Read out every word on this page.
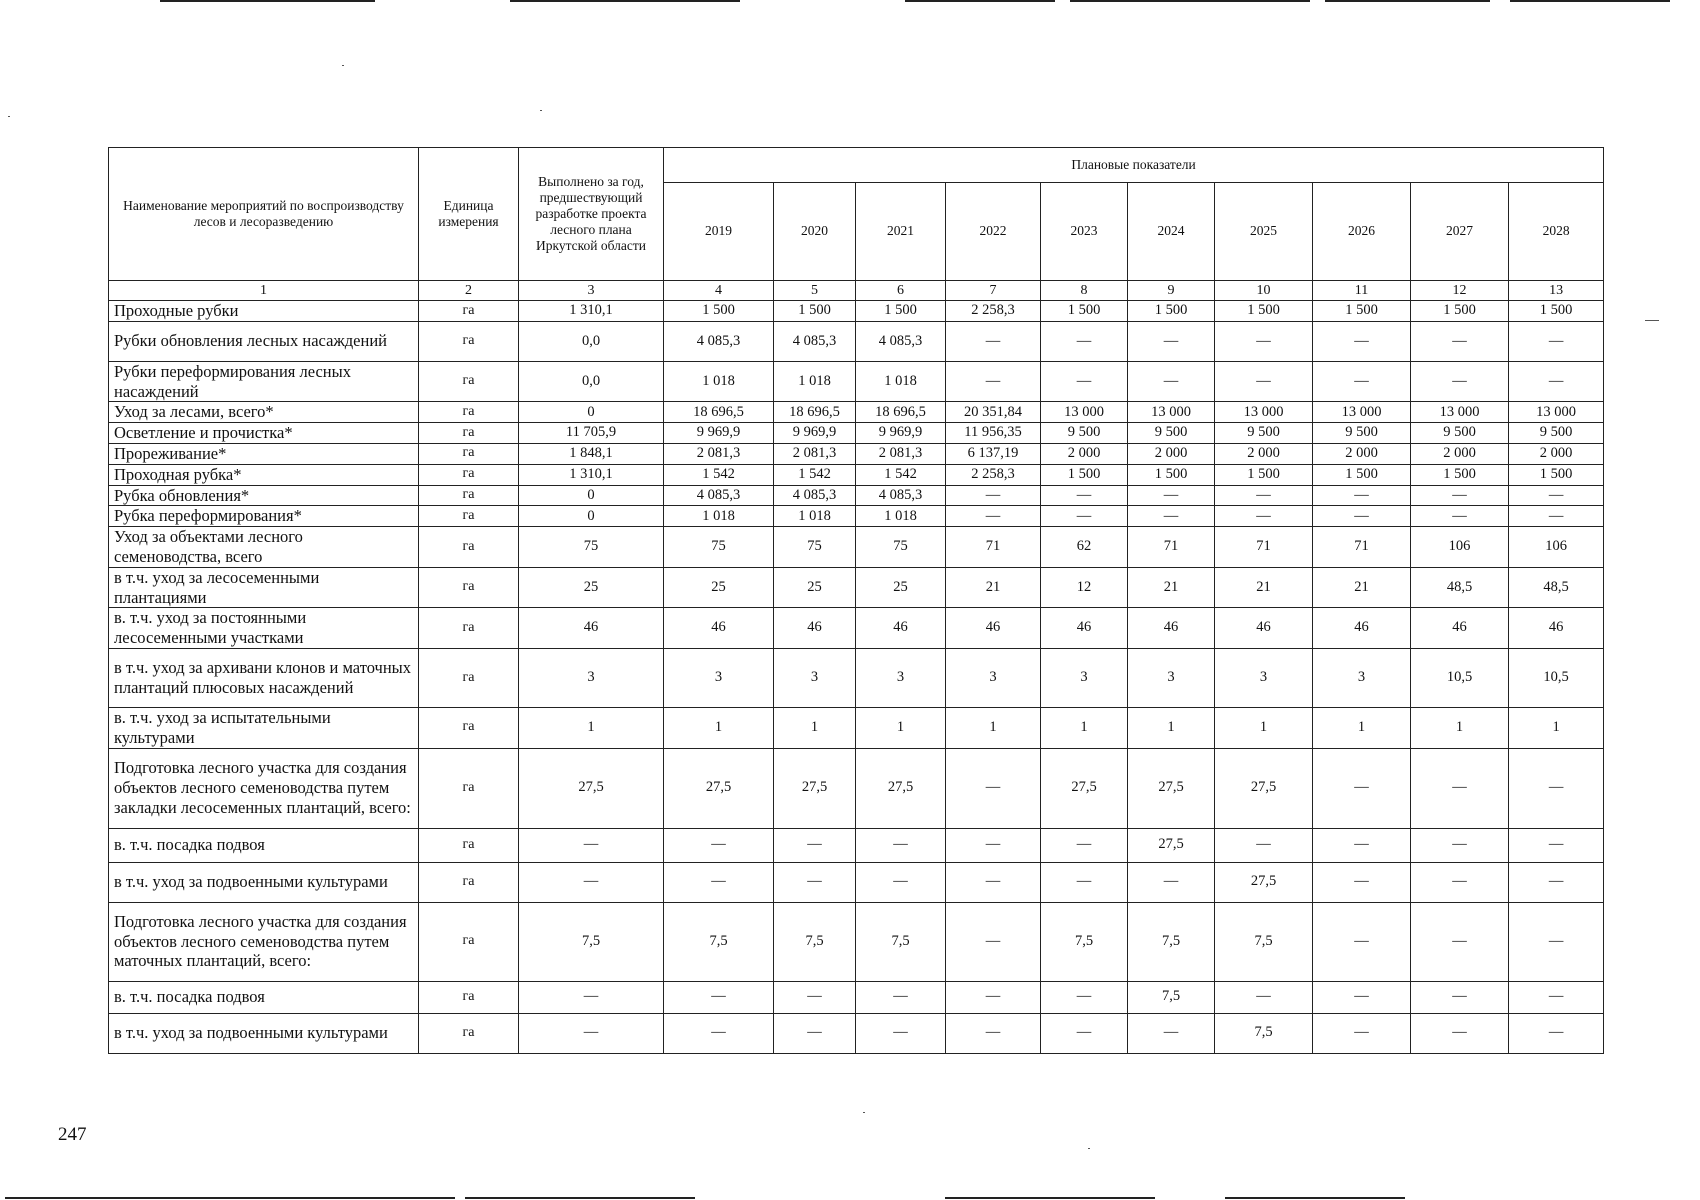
Наименование мероприятий по воспроизводству лесов и лесоразведению	Единица измерения	Выполнено за год, предшествующий разработке проекта лесного плана Иркутской области	Плановые показатели									
			2019	2020	2021	2022	2023	2024	2025	2026	2027	2028
1	2	3	4	5	6	7	8	9	10	11	12	13
Проходные рубки	га	1 310,1	1 500	1 500	1 500	2 258,3	1 500	1 500	1 500	1 500	1 500	1 500
Рубки обновления лесных насаждений	га	0,0	4 085,3	4 085,3	4 085,3	—	—	—	—	—	—	—
Рубки переформирования лесных насаждений	га	0,0	1 018	1 018	1 018	—	—	—	—	—	—	—
Уход за лесами, всего*	га	0	18 696,5	18 696,5	18 696,5	20 351,84	13 000	13 000	13 000	13 000	13 000	13 000
Осветление и прочистка*	га	11 705,9	9 969,9	9 969,9	9 969,9	11 956,35	9 500	9 500	9 500	9 500	9 500	9 500
Прореживание*	га	1 848,1	2 081,3	2 081,3	2 081,3	6 137,19	2 000	2 000	2 000	2 000	2 000	2 000
Проходная рубка*	га	1 310,1	1 542	1 542	1 542	2 258,3	1 500	1 500	1 500	1 500	1 500	1 500
Рубка обновления*	га	0	4 085,3	4 085,3	4 085,3	—	—	—	—	—	—	—
Рубка переформирования*	га	0	1 018	1 018	1 018	—	—	—	—	—	—	—
Уход за объектами лесного семеноводства, всего	га	75	75	75	75	71	62	71	71	71	106	106
в т.ч. уход за лесосеменными плантациями	га	25	25	25	25	21	12	21	21	21	48,5	48,5
в. т.ч. уход за постоянными лесосеменными участками	га	46	46	46	46	46	46	46	46	46	46	46
в т.ч. уход за архивани клонов и маточных плантаций плюсовых насаждений	га	3	3	3	3	3	3	3	3	3	10,5	10,5
в. т.ч. уход за испытательными культурами	га	1	1	1	1	1	1	1	1	1	1	1
Подготовка лесного участка для создания объектов лесного семеноводства путем закладки лесосеменных плантаций, всего:	га	27,5	27,5	27,5	27,5	—	27,5	27,5	27,5	—	—	—
в. т.ч. посадка подвоя	га	—	—	—	—	—	—	27,5	—	—	—	—
в т.ч. уход за подвоенными культурами	га	—	—	—	—	—	—	—	27,5	—	—	—
Подготовка лесного участка для создания объектов лесного семеноводства путем маточных плантаций, всего:	га	7,5	7,5	7,5	7,5	—	7,5	7,5	7,5	—	—	—
в. т.ч. посадка подвоя	га	—	—	—	—	—	—	7,5	—	—	—	—
в т.ч. уход за подвоенными культурами	га	—	—	—	—	—	—	—	7,5	—	—	—
247
